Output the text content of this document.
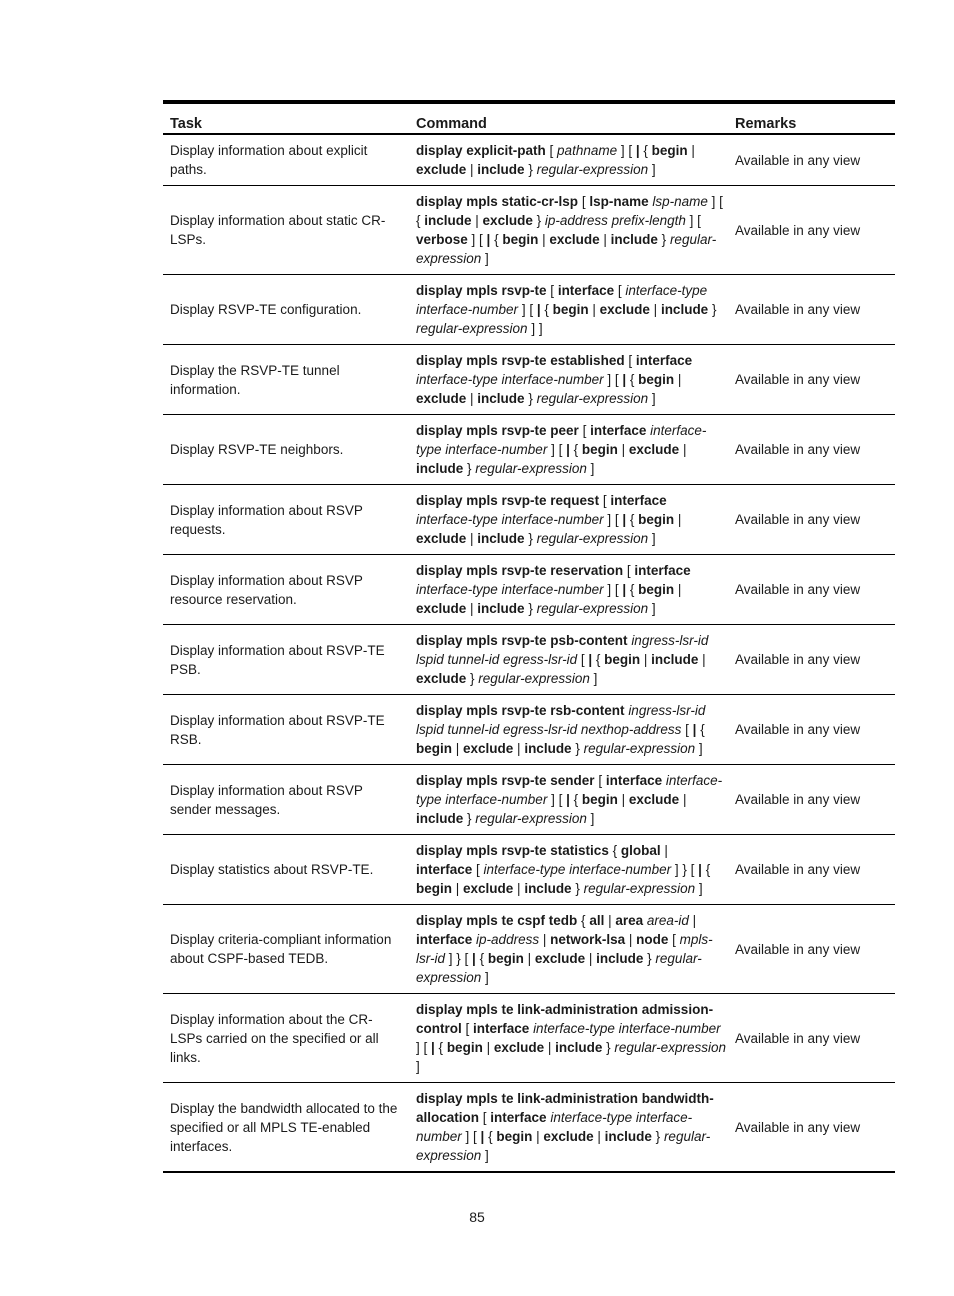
Task	Command	Remarks
Display information about explicit paths.	display explicit-path [ pathname ] [ | { begin | exclude | include } regular-expression ]	Available in any view
Display information about static CR-LSPs.	display mpls static-cr-lsp [ lsp-name lsp-name ] [ { include | exclude } ip-address prefix-length ] [ verbose ] [ | { begin | exclude | include } regular-expression ]	Available in any view
Display RSVP-TE configuration.	display mpls rsvp-te [ interface [ interface-type interface-number ] [ | { begin | exclude | include } regular-expression ] ]	Available in any view
Display the RSVP-TE tunnel information.	display mpls rsvp-te established [ interface interface-type interface-number ] [ | { begin | exclude | include } regular-expression ]	Available in any view
Display RSVP-TE neighbors.	display mpls rsvp-te peer [ interface interface-type interface-number ] [ | { begin | exclude | include } regular-expression ]	Available in any view
Display information about RSVP requests.	display mpls rsvp-te request [ interface interface-type interface-number ] [ | { begin | exclude | include } regular-expression ]	Available in any view
Display information about RSVP resource reservation.	display mpls rsvp-te reservation [ interface interface-type interface-number ] [ | { begin | exclude | include } regular-expression ]	Available in any view
Display information about RSVP-TE PSB.	display mpls rsvp-te psb-content ingress-lsr-id lspid tunnel-id egress-lsr-id [ | { begin | include | exclude } regular-expression ]	Available in any view
Display information about RSVP-TE RSB.	display mpls rsvp-te rsb-content ingress-lsr-id lspid tunnel-id egress-lsr-id nexthop-address [ | { begin | exclude | include } regular-expression ]	Available in any view
Display information about RSVP sender messages.	display mpls rsvp-te sender [ interface interface-type interface-number ] [ | { begin | exclude | include } regular-expression ]	Available in any view
Display statistics about RSVP-TE.	display mpls rsvp-te statistics { global | interface [ interface-type interface-number ] } [ | { begin | exclude | include } regular-expression ]	Available in any view
Display criteria-compliant information about CSPF-based TEDB.	display mpls te cspf tedb { all | area area-id | interface ip-address | network-lsa | node [ mpls-lsr-id ] } [ | { begin | exclude | include } regular-expression ]	Available in any view
Display information about the CR-LSPs carried on the specified or all links.	display mpls te link-administration admission-control [ interface interface-type interface-number ] [ | { begin | exclude | include } regular-expression ]	Available in any view
Display the bandwidth allocated to the specified or all MPLS TE-enabled interfaces.	display mpls te link-administration bandwidth-allocation [ interface interface-type interface-number ] [ | { begin | exclude | include } regular-expression ]	Available in any view
85
